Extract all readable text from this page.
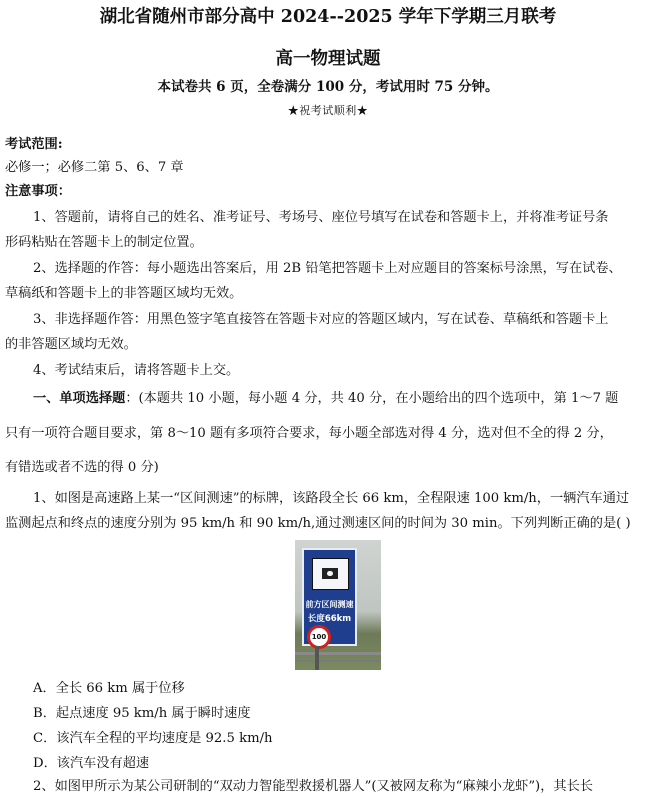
湖北省随州市部分高中 2024--2025 学年下学期三月联考
高一物理试题
本试卷共 6 页，全卷满分 100 分，考试用时 75 分钟。
★祝考试顺利★
考试范围:
必修一；必修二第 5、6、7 章
注意事项：
1、答题前，请将自己的姓名、准考证号、考场号、座位号填写在试卷和答题卡上，并将准考证号条
形码粘贴在答题卡上的制定位置。
2、选择题的作答：每小题选出答案后，用 2B 铅笔把答题卡上对应题目的答案标号涂黑，写在试卷、
草稿纸和答题卡上的非答题区域均无效。
3、非选择题作答：用黑色签字笔直接答在答题卡对应的答题区域内，写在试卷、草稿纸和答题卡上
的非答题区域均无效。
4、考试结束后，请将答题卡上交。
一、单项选择题：(本题共 10 小题，每小题 4 分，共 40 分，在小题给出的四个选项中，第 1～7 题
只有一项符合题目要求，第 8～10 题有多项符合要求，每小题全部选对得 4 分，选对但不全的得 2 分，
有错选或者不选的得 0 分)
1、如图是高速路上某一“区间测速”的标牌，该路段全长 66 km，全程限速 100 km/h，一辆汽车通过
监测起点和终点的速度分别为 95 km/h 和 90 km/h,通过测速区间的时间为 30 min。下列判断正确的是( )
前方区间测速
长度66km
100
A．全长 66 km 属于位移
B．起点速度 95 km/h 属于瞬时速度
C．该汽车全程的平均速度是 92.5 km/h
D．该汽车没有超速
2、如图甲所示为某公司研制的“双动力智能型救援机器人”(又被网友称为“麻辣小龙虾”)，其长长
